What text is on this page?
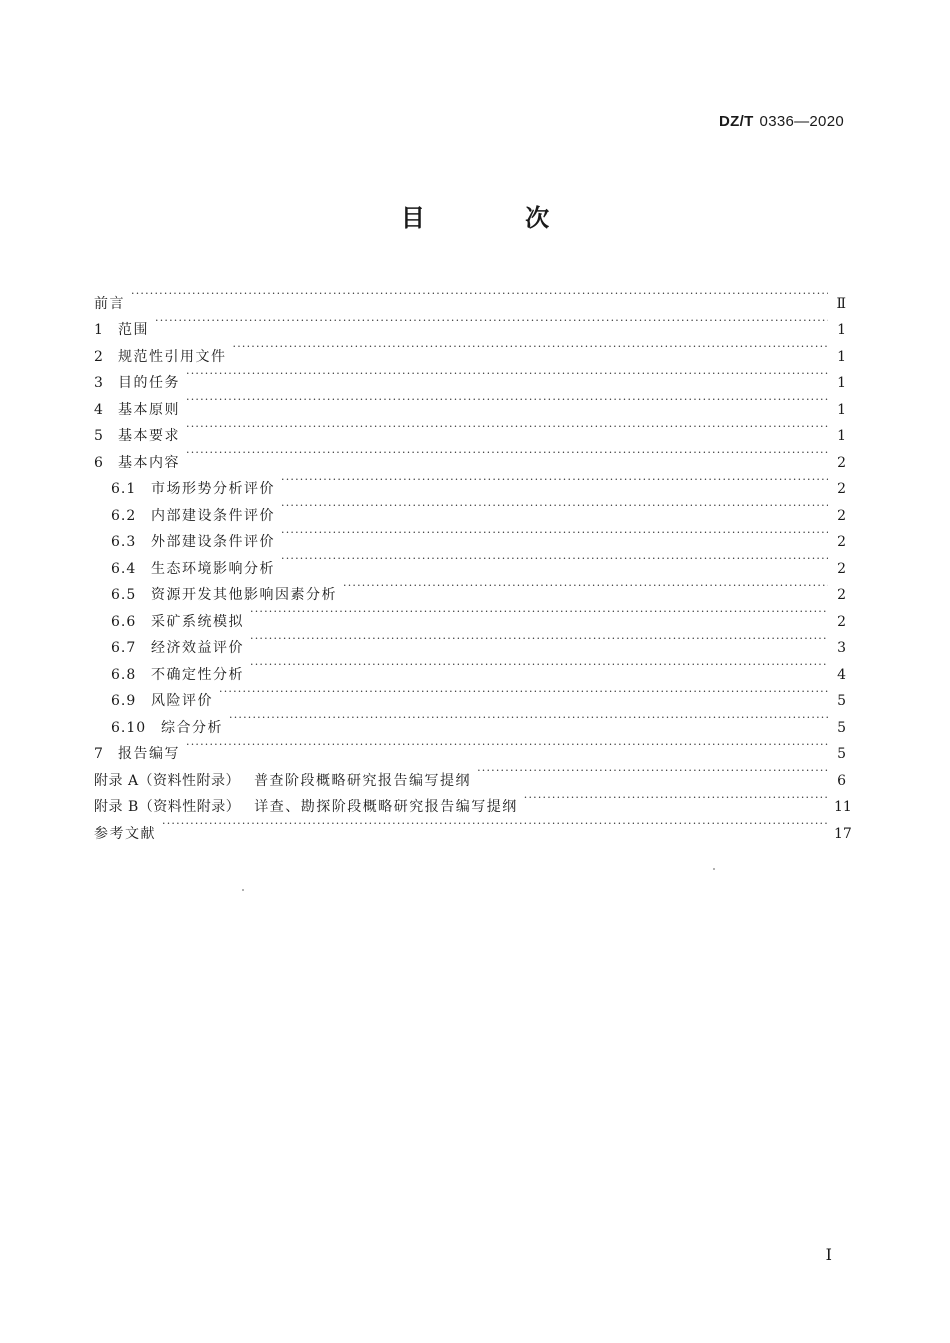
DZ/T 0336—2020
目 次
前言 ·····	Ⅱ
1	范围 ·····	1
2	规范性引用文件 ·····	1
3	目的任务 ·····	1
4	基本原则 ·····	1
5	基本要求 ·····	1
6	基本内容 ·····	2
6.1	市场形势分析评价 ·····	2
6.2	内部建设条件评价 ·····	2
6.3	外部建设条件评价 ·····	2
6.4	生态环境影响分析 ·····	2
6.5	资源开发其他影响因素分析 ·····	2
6.6	采矿系统模拟 ·····	2
6.7	经济效益评价 ·····	3
6.8	不确定性分析 ·····	4
6.9	风险评价 ·····	5
6.10	综合分析 ·····	5
7	报告编写 ·····	5
附录 A（资料性附录） 普查阶段概略研究报告编写提纲 ·····	6
附录 B（资料性附录） 详查、勘探阶段概略研究报告编写提纲 ·····	11
参考文献 ·····	17
I
